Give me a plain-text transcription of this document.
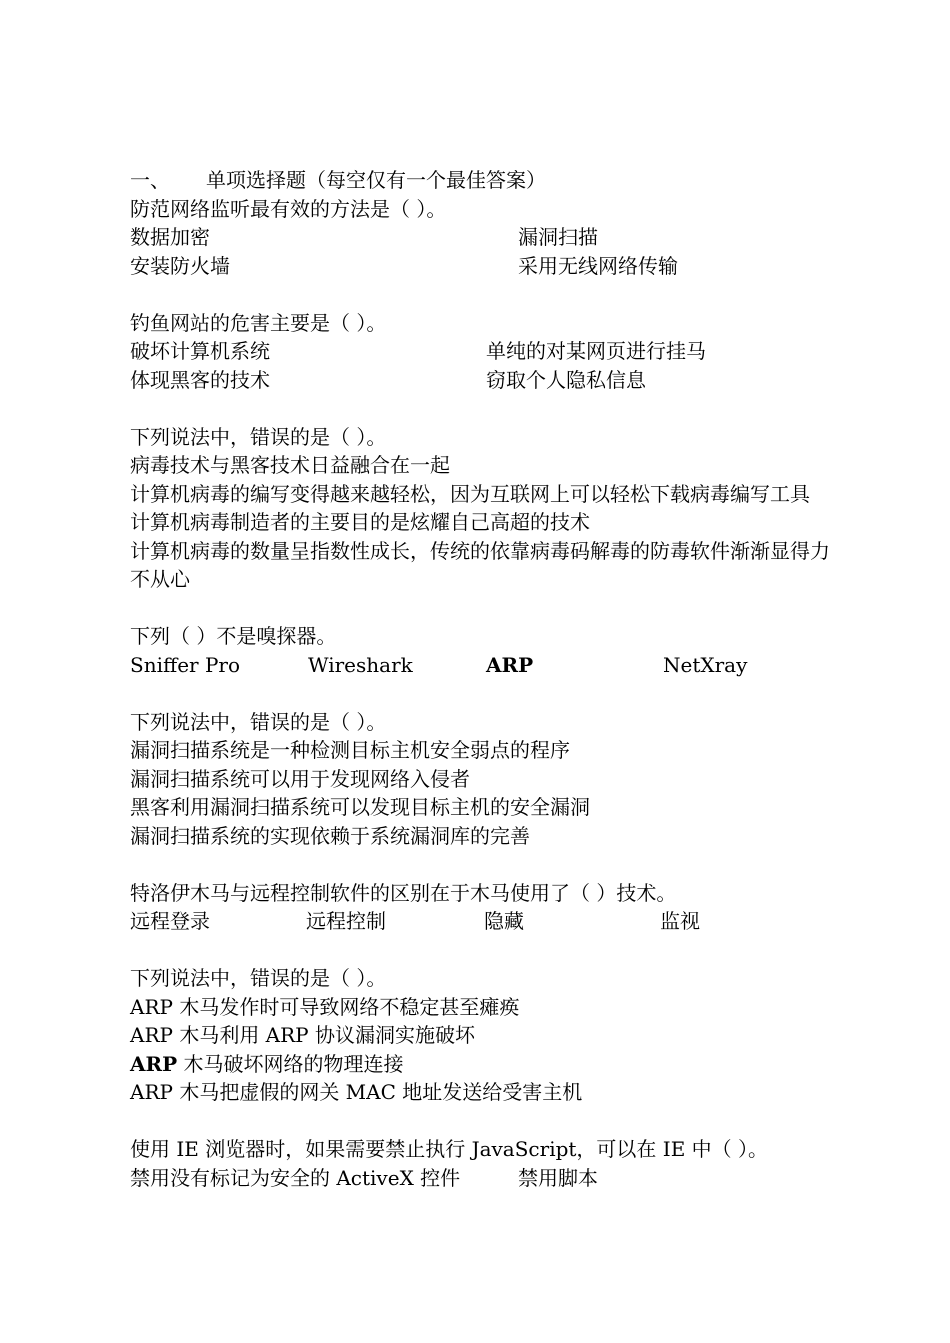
一、 单项选择题（每空仅有一个最佳答案）
防范网络监听最有效的方法是（ ）。
数据加密	漏洞扫描
安装防火墙	采用无线网络传输
钓鱼网站的危害主要是（ ）。
破坏计算机系统	单纯的对某网页进行挂马
体现黑客的技术	窃取个人隐私信息
下列说法中，错误的是（ ）。
病毒技术与黑客技术日益融合在一起
计算机病毒的编写变得越来越轻松，因为互联网上可以轻松下载病毒编写工具
计算机病毒制造者的主要目的是炫耀自己高超的技术
计算机病毒的数量呈指数性成长，传统的依靠病毒码解毒的防毒软件渐渐显得力不从心
下列（ ）不是嗅探器。
Sniffer Pro	Wireshark	ARP	NetXray
下列说法中，错误的是（ ）。
漏洞扫描系统是一种检测目标主机安全弱点的程序
漏洞扫描系统可以用于发现网络入侵者
黑客利用漏洞扫描系统可以发现目标主机的安全漏洞
漏洞扫描系统的实现依赖于系统漏洞库的完善
特洛伊木马与远程控制软件的区别在于木马使用了（ ）技术。
远程登录	远程控制	隐藏	监视
下列说法中，错误的是（ ）。
ARP 木马发作时可导致网络不稳定甚至瘫痪
ARP 木马利用 ARP 协议漏洞实施破坏
ARP 木马破坏网络的物理连接
ARP 木马把虚假的网关 MAC 地址发送给受害主机
使用 IE 浏览器时，如果需要禁止执行 JavaScript，可以在 IE 中（ ）。
禁用没有标记为安全的 ActiveX 控件	禁用脚本
